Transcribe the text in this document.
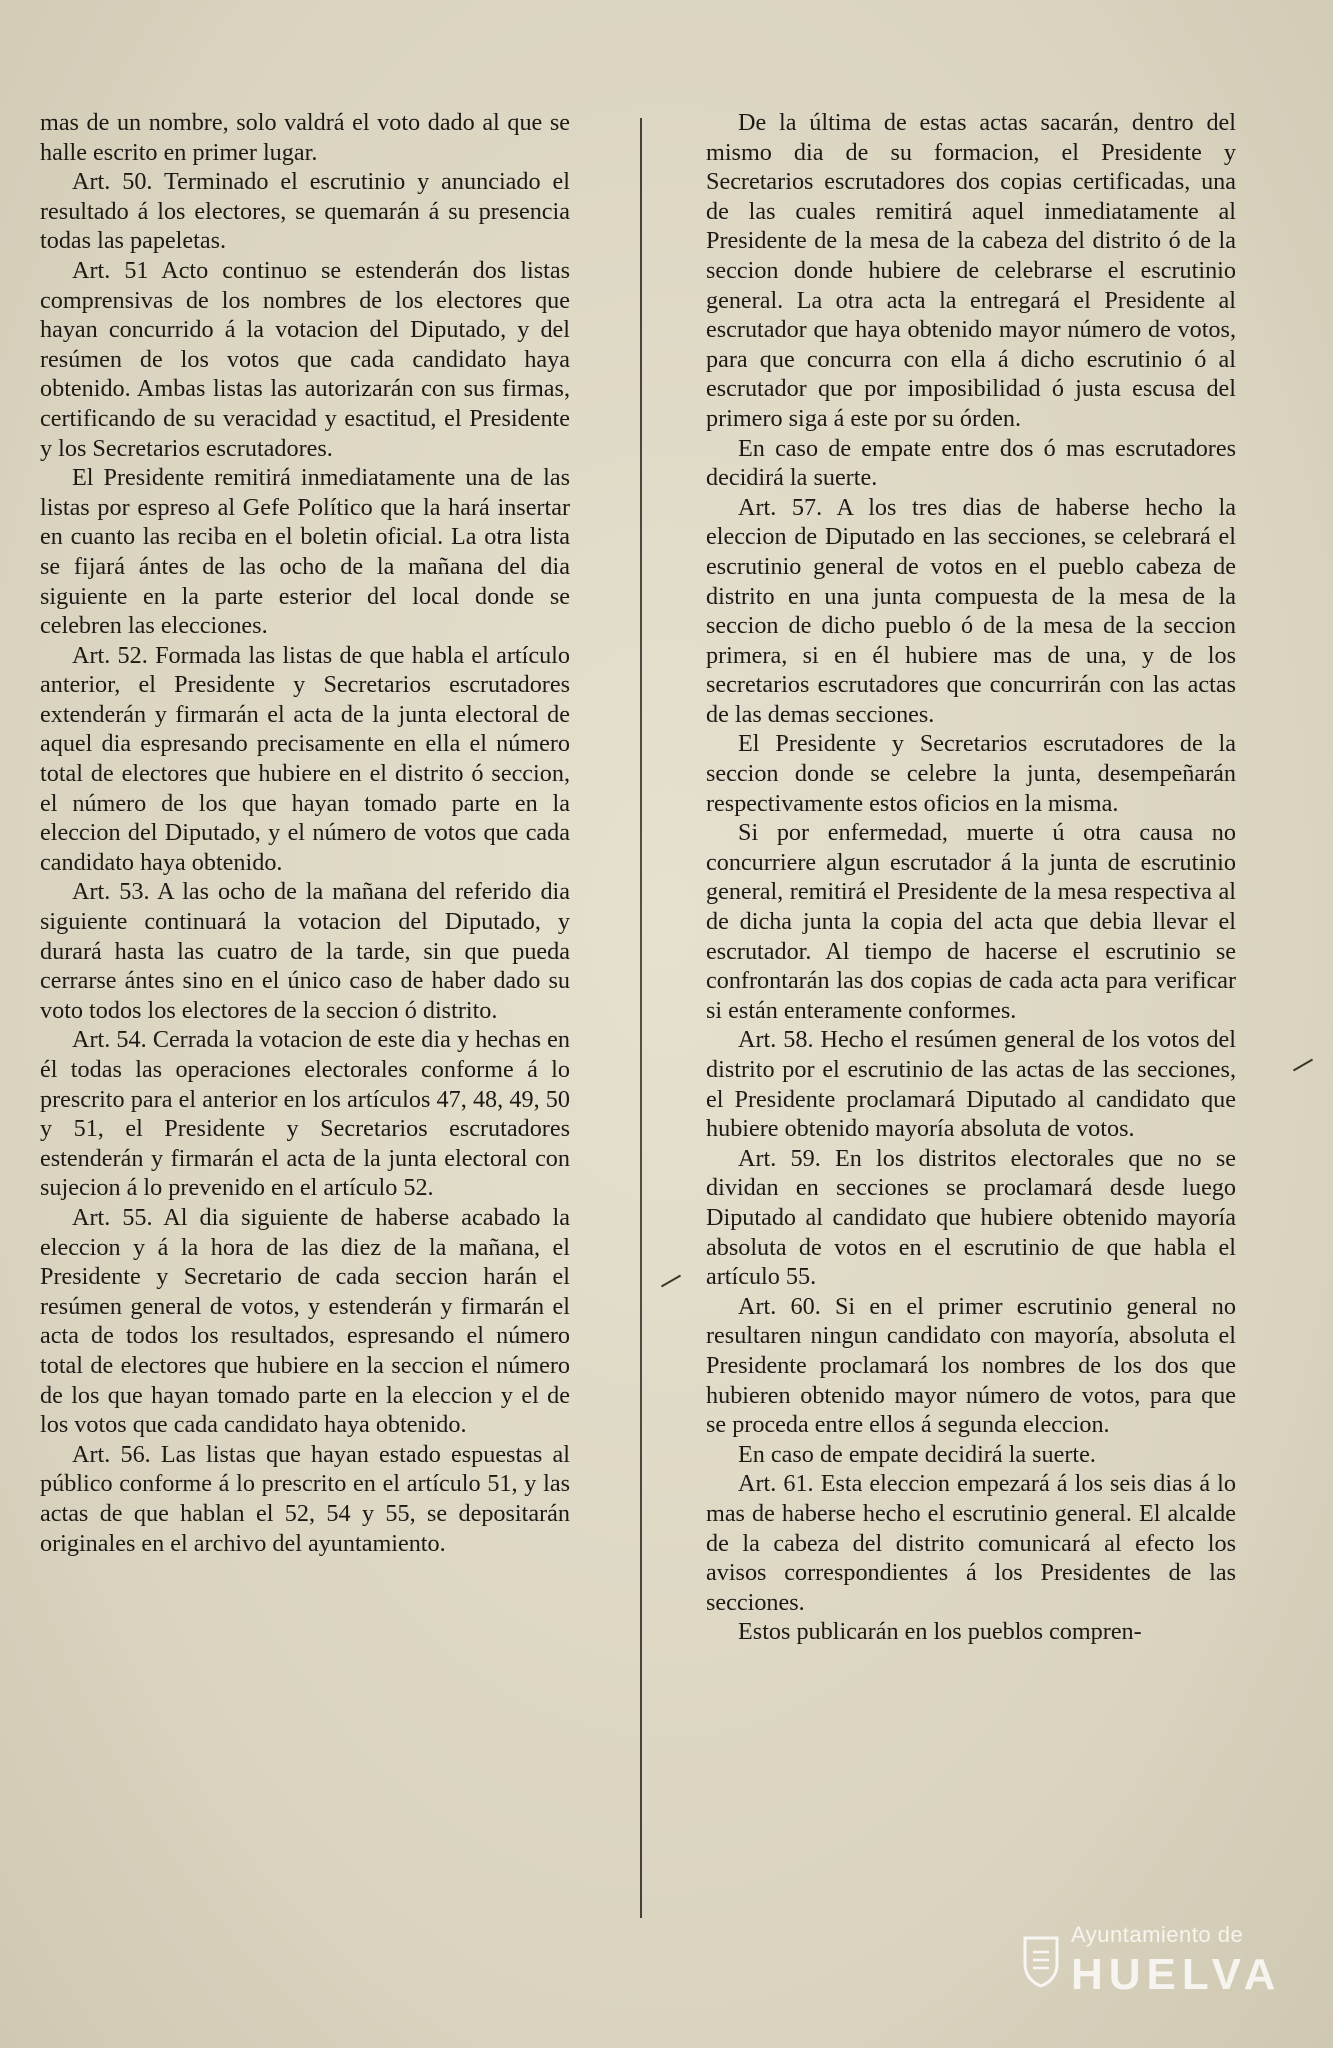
mas de un nombre, solo valdrá el voto dado al que se halle escrito en primer lugar.

Art. 50. Terminado el escrutinio y anunciado el resultado á los electores, se quemarán á su presencia todas las papeletas.

Art. 51 Acto continuo se estenderán dos listas comprensivas de los nombres de los electores que hayan concurrido á la votacion del Diputado, y del resúmen de los votos que cada candidato haya obtenido. Ambas listas las autorizarán con sus firmas, certificando de su veracidad y esactitud, el Presidente y los Secretarios escrutadores.

El Presidente remitirá inmediatamente una de las listas por espreso al Gefe Político que la hará insertar en cuanto las reciba en el boletin oficial. La otra lista se fijará ántes de las ocho de la mañana del dia siguiente en la parte esterior del local donde se celebren las elecciones.

Art. 52. Formada las listas de que habla el artículo anterior, el Presidente y Secretarios escrutadores extenderán y firmarán el acta de la junta electoral de aquel dia espresando precisamente en ella el número total de electores que hubiere en el distrito ó seccion, el número de los que hayan tomado parte en la eleccion del Diputado, y el número de votos que cada candidato haya obtenido.

Art. 53. A las ocho de la mañana del referido dia siguiente continuará la votacion del Diputado, y durará hasta las cuatro de la tarde, sin que pueda cerrarse ántes sino en el único caso de haber dado su voto todos los electores de la seccion ó distrito.

Art. 54. Cerrada la votacion de este dia y hechas en él todas las operaciones electorales conforme á lo prescrito para el anterior en los artículos 47, 48, 49, 50 y 51, el Presidente y Secretarios escrutadores estenderán y firmarán el acta de la junta electoral con sujecion á lo prevenido en el artículo 52.

Art. 55. Al dia siguiente de haberse acabado la eleccion y á la hora de las diez de la mañana, el Presidente y Secretario de cada seccion harán el resúmen general de votos, y estenderán y firmarán el acta de todos los resultados, espresando el número total de electores que hubiere en la seccion el número de los que hayan tomado parte en la eleccion y el de los votos que cada candidato haya obtenido.

Art. 56. Las listas que hayan estado espuestas al público conforme á lo prescrito en el artículo 51, y las actas de que hablan el 52, 54 y 55, se depositarán originales en el archivo del ayuntamiento.

De la última de estas actas sacarán, dentro del mismo dia de su formacion, el Presidente y Secretarios escrutadores dos copias certificadas, una de las cuales remitirá aquel inmediatamente al Presidente de la mesa de la cabeza del distrito ó de la seccion donde hubiere de celebrarse el escrutinio general. La otra acta la entregará el Presidente al escrutador que haya obtenido mayor número de votos, para que concurra con ella á dicho escrutinio ó al escrutador que por imposibilidad ó justa escusa del primero siga á este por su órden.

En caso de empate entre dos ó mas escrutadores decidirá la suerte.

Art. 57. A los tres dias de haberse hecho la eleccion de Diputado en las secciones, se celebrará el escrutinio general de votos en el pueblo cabeza de distrito en una junta compuesta de la mesa de la seccion de dicho pueblo ó de la mesa de la seccion primera, si en él hubiere mas de una, y de los secretarios escrutadores que concurrirán con las actas de las demas secciones.

El Presidente y Secretarios escrutadores de la seccion donde se celebre la junta, desempeñarán respectivamente estos oficios en la misma.

Si por enfermedad, muerte ú otra causa no concurriere algun escrutador á la junta de escrutinio general, remitirá el Presidente de la mesa respectiva al de dicha junta la copia del acta que debia llevar el escrutador. Al tiempo de hacerse el escrutinio se confrontarán las dos copias de cada acta para verificar si están enteramente conformes.

Art. 58. Hecho el resúmen general de los votos del distrito por el escrutinio de las actas de las secciones, el Presidente proclamará Diputado al candidato que hubiere obtenido mayoría absoluta de votos.

Art. 59. En los distritos electorales que no se dividan en secciones se proclamará desde luego Diputado al candidato que hubiere obtenido mayoría absoluta de votos en el escrutinio de que habla el artículo 55.

Art. 60. Si en el primer escrutinio general no resultaren ningun candidato con mayoría, absoluta el Presidente proclamará los nombres de los dos que hubieren obtenido mayor número de votos, para que se proceda entre ellos á segunda eleccion.

En caso de empate decidirá la suerte.

Art. 61. Esta eleccion empezará á los seis dias á lo mas de haberse hecho el escrutinio general. El alcalde de la cabeza del distrito comunicará al efecto los avisos correspondientes á los Presidentes de las secciones.

Estos publicarán en los pueblos compren-

Ayuntamiento de
HUELVA
